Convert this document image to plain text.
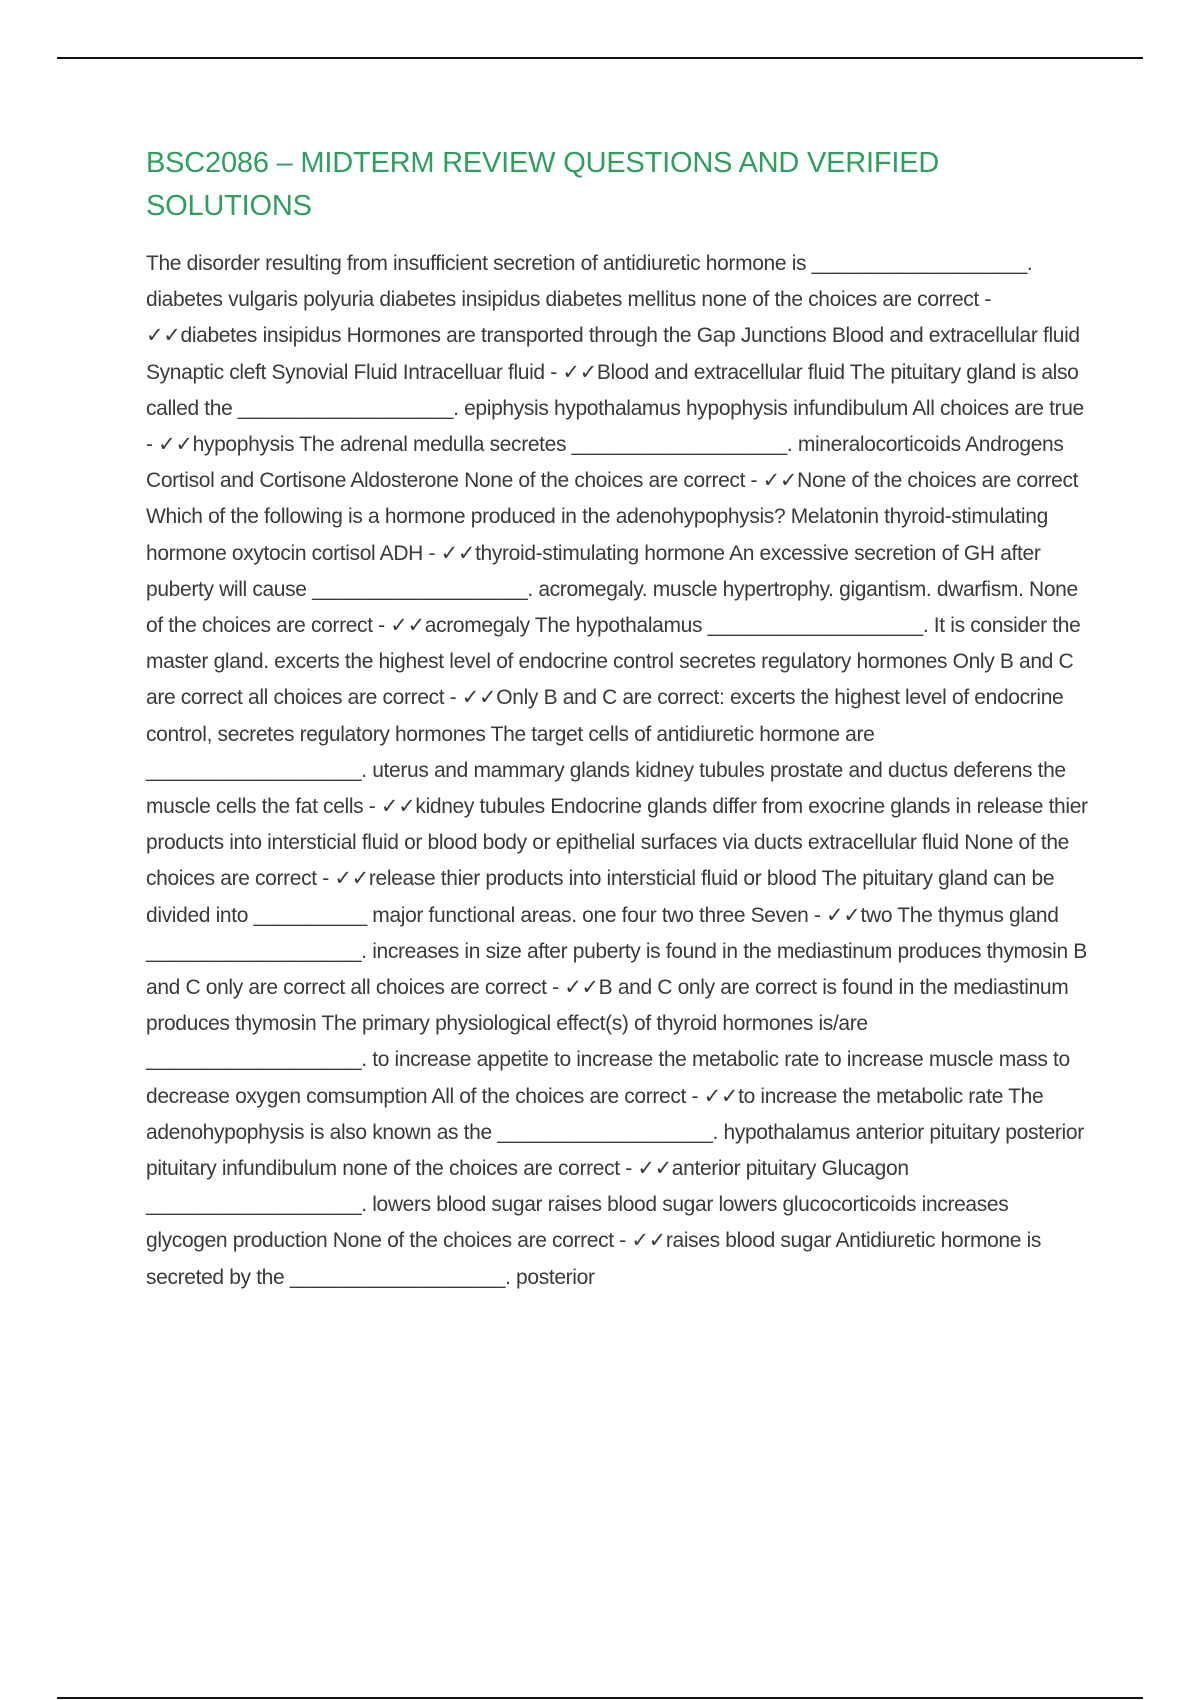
BSC2086 – MIDTERM REVIEW QUESTIONS AND VERIFIED SOLUTIONS

The disorder resulting from insufficient secretion of antidiuretic hormone is ___________________. diabetes vulgaris polyuria diabetes insipidus diabetes mellitus none of the choices are correct - ✓✓diabetes insipidus Hormones are transported through the Gap Junctions Blood and extracellular fluid Synaptic cleft Synovial Fluid Intracelluar fluid - ✓✓Blood and extracellular fluid The pituitary gland is also called the ___________________. epiphysis hypothalamus hypophysis infundibulum All choices are true - ✓✓hypophysis The adrenal medulla secretes ___________________. mineralocorticoids Androgens Cortisol and Cortisone Aldosterone None of the choices are correct - ✓✓None of the choices are correct Which of the following is a hormone produced in the adenohypophysis? Melatonin thyroid-stimulating hormone oxytocin cortisol ADH - ✓✓thyroid-stimulating hormone An excessive secretion of GH after puberty will cause ___________________. acromegaly. muscle hypertrophy. gigantism. dwarfism. None of the choices are correct - ✓✓acromegaly The hypothalamus ___________________. It is consider the master gland. excerts the highest level of endocrine control secretes regulatory hormones Only B and C are correct all choices are correct - ✓✓Only B and C are correct: excerts the highest level of endocrine control, secretes regulatory hormones The target cells of antidiuretic hormone are ___________________. uterus and mammary glands kidney tubules prostate and ductus deferens the muscle cells the fat cells - ✓✓kidney tubules Endocrine glands differ from exocrine glands in release thier products into intersticial fluid or blood body or epithelial surfaces via ducts extracellular fluid None of the choices are correct - ✓✓release thier products into intersticial fluid or blood The pituitary gland can be divided into __________ major functional areas. one four two three Seven - ✓✓two The thymus gland ___________________. increases in size after puberty is found in the mediastinum produces thymosin B and C only are correct all choices are correct - ✓✓B and C only are correct is found in the mediastinum produces thymosin The primary physiological effect(s) of thyroid hormones is/are ___________________. to increase appetite to increase the metabolic rate to increase muscle mass to decrease oxygen comsumption All of the choices are correct - ✓✓to increase the metabolic rate The adenohypophysis is also known as the ___________________. hypothalamus anterior pituitary posterior pituitary infundibulum none of the choices are correct - ✓✓anterior pituitary Glucagon ___________________. lowers blood sugar raises blood sugar lowers glucocorticoids increases glycogen production None of the choices are correct - ✓✓raises blood sugar Antidiuretic hormone is secreted by the ___________________. posterior
